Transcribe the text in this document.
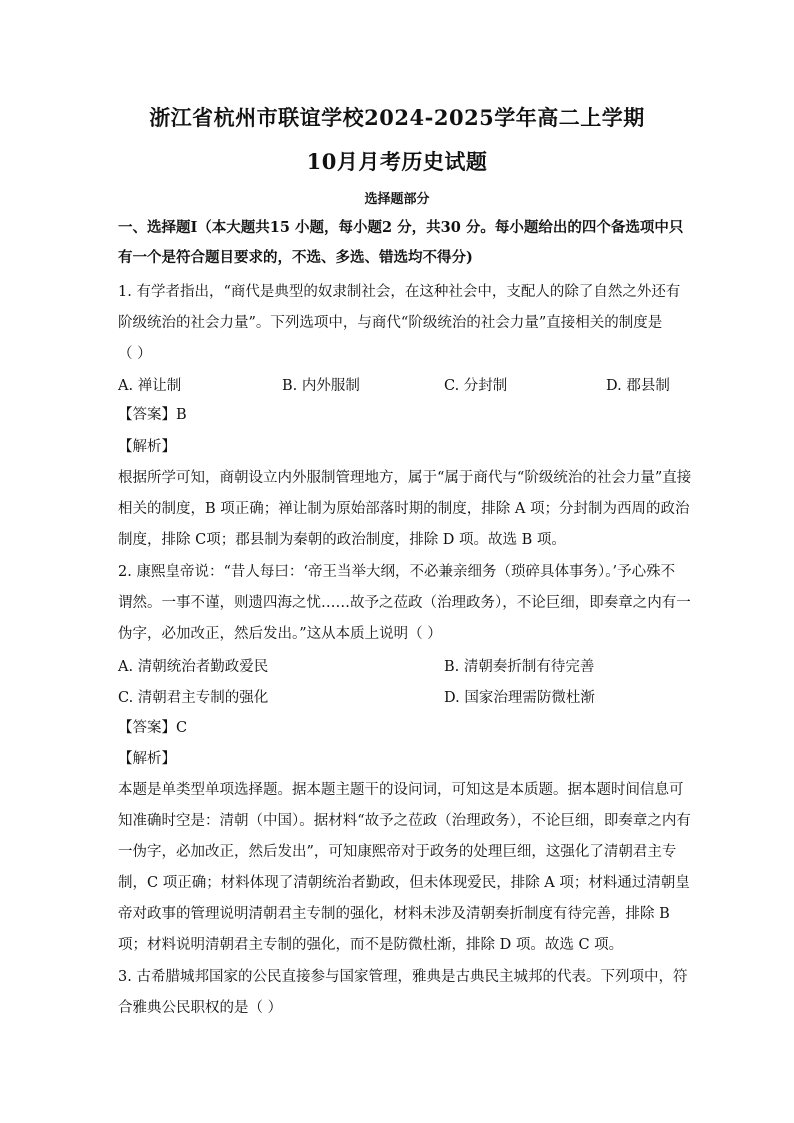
浙江省杭州市联谊学校2024-2025学年高二上学期
10月月考历史试题
选择题部分
一、选择题Ⅰ（本大题共15 小题，每小题2 分，共30 分。每小题给出的四个备选项中只
有一个是符合题目要求的，不选、多选、错选均不得分)
1. 有学者指出，“商代是典型的奴隶制社会，在这种社会中，支配人的除了自然之外还有
阶级统治的社会力量”。下列选项中，与商代“阶级统治的社会力量”直接相关的制度是
（ ）
A. 禅让制	B. 内外服制	C. 分封制	D. 郡县制
【答案】B
【解析】
根据所学可知，商朝设立内外服制管理地方，属于“属于商代与“阶级统治的社会力量”直接
相关的制度，B 项正确；禅让制为原始部落时期的制度，排除 A 项；分封制为西周的政治
制度，排除 C项；郡县制为秦朝的政治制度，排除 D 项。故选 B 项。
2. 康熙皇帝说：“昔人每曰：‘帝王当举大纲，不必兼亲细务（琐碎具体事务）。’予心殊不
谓然。一事不谨，则遗四海之忧……故予之莅政（治理政务），不论巨细，即奏章之内有一
伪字，必加改正，然后发出。”这从本质上说明（ ）
A. 清朝统治者勤政爱民	B. 清朝奏折制有待完善
C. 清朝君主专制的强化	D. 国家治理需防微杜渐
【答案】C
【解析】
本题是单类型单项选择题。据本题主题干的设问词，可知这是本质题。据本题时间信息可
知准确时空是：清朝（中国）。据材料“故予之莅政（治理政务），不论巨细，即奏章之内有
一伪字，必加改正，然后发出”，可知康熙帝对于政务的处理巨细，这强化了清朝君主专
制，C 项正确；材料体现了清朝统治者勤政，但未体现爱民，排除 A 项；材料通过清朝皇
帝对政事的管理说明清朝君主专制的强化，材料未涉及清朝奏折制度有待完善，排除 B
项；材料说明清朝君主专制的强化，而不是防微杜渐，排除 D 项。故选 C 项。
3. 古希腊城邦国家的公民直接参与国家管理，雅典是古典民主城邦的代表。下列项中，符
合雅典公民职权的是（ ）
